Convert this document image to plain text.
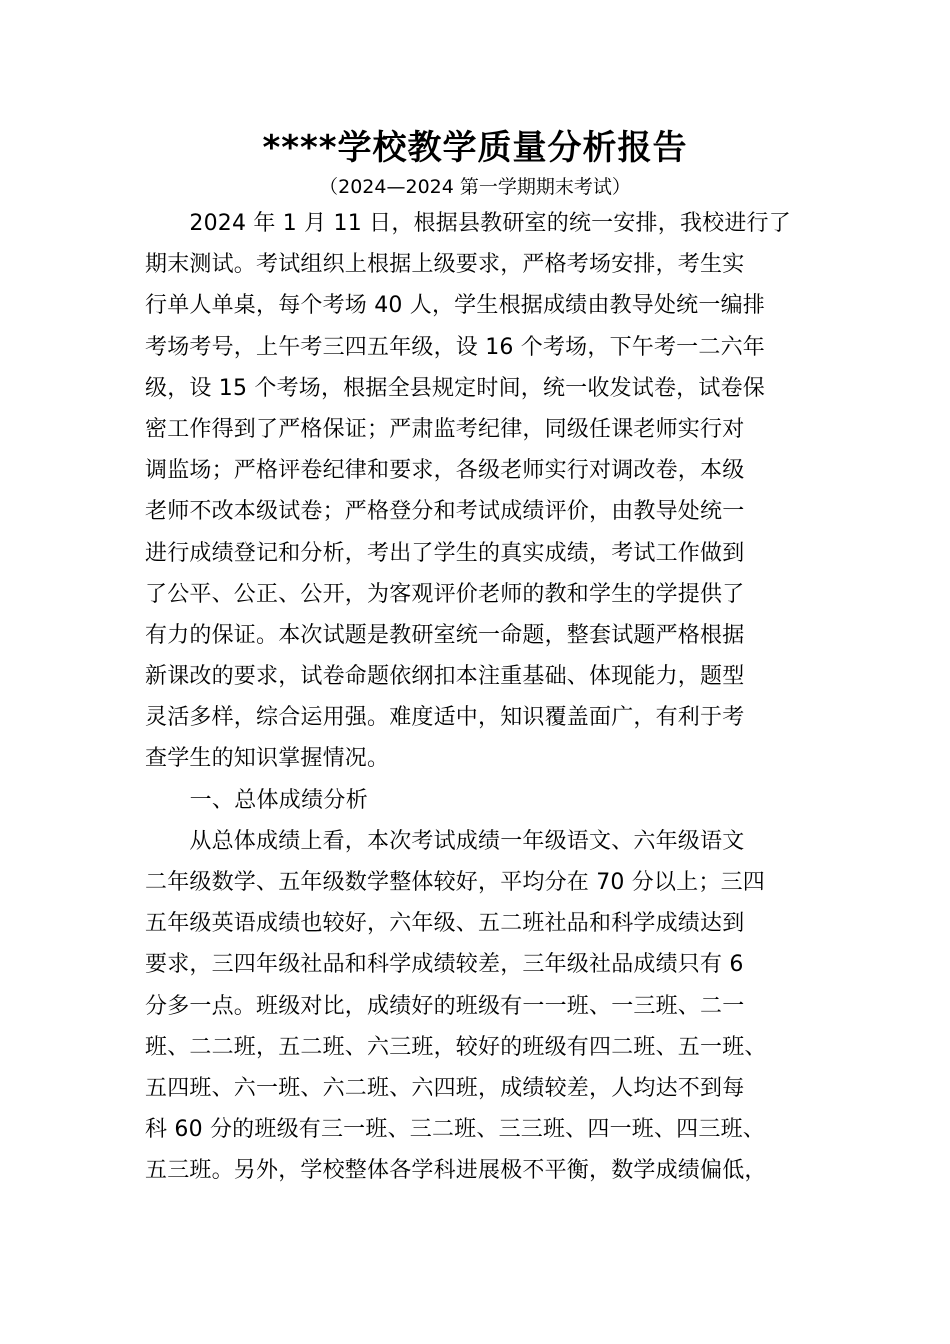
****学校教学质量分析报告
（2024—2024 第一学期期末考试）
　　2024 年 1 月 11 日，根据县教研室的统一安排，我校进行了
期末测试。考试组织上根据上级要求，严格考场安排，考生实
行单人单桌，每个考场 40 人，学生根据成绩由教导处统一编排
考场考号，上午考三四五年级，设 16 个考场，下午考一二六年
级，设 15 个考场，根据全县规定时间，统一收发试卷，试卷保
密工作得到了严格保证；严肃监考纪律，同级任课老师实行对
调监场；严格评卷纪律和要求，各级老师实行对调改卷，本级
老师不改本级试卷；严格登分和考试成绩评价，由教导处统一
进行成绩登记和分析，考出了学生的真实成绩，考试工作做到
了公平、公正、公开，为客观评价老师的教和学生的学提供了
有力的保证。本次试题是教研室统一命题，整套试题严格根据
新课改的要求，试卷命题依纲扣本注重基础、体现能力，题型
灵活多样，综合运用强。难度适中，知识覆盖面广，有利于考
查学生的知识掌握情况。
　　一、总体成绩分析
　　从总体成绩上看，本次考试成绩一年级语文、六年级语文
二年级数学、五年级数学整体较好，平均分在 70 分以上；三四
五年级英语成绩也较好，六年级、五二班社品和科学成绩达到
要求，三四年级社品和科学成绩较差，三年级社品成绩只有 6
分多一点。班级对比，成绩好的班级有一一班、一三班、二一
班、二二班，五二班、六三班，较好的班级有四二班、五一班、
五四班、六一班、六二班、六四班，成绩较差，人均达不到每
科 60 分的班级有三一班、三二班、三三班、四一班、四三班、
五三班。另外，学校整体各学科进展极不平衡，数学成绩偏低，
